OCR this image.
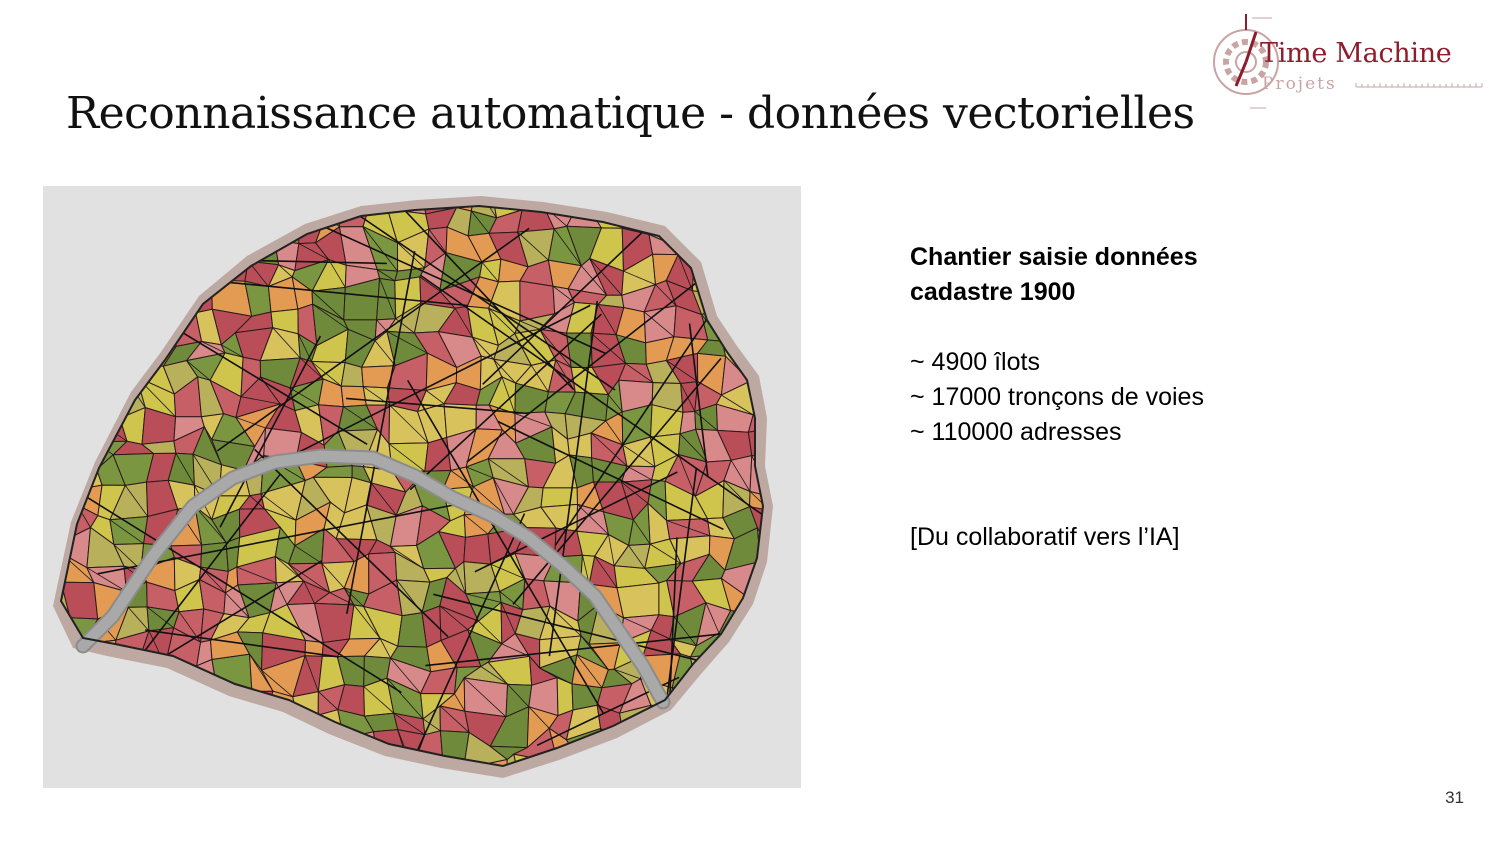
Reconnaissance automatique - données vectorielles
Time Machine
Projets
Chantier saisie données
cadastre 1900
~ 4900 îlots
~ 17000 tronçons de voies
~ 110000 adresses
[Du collaboratif vers l’IA]
31
